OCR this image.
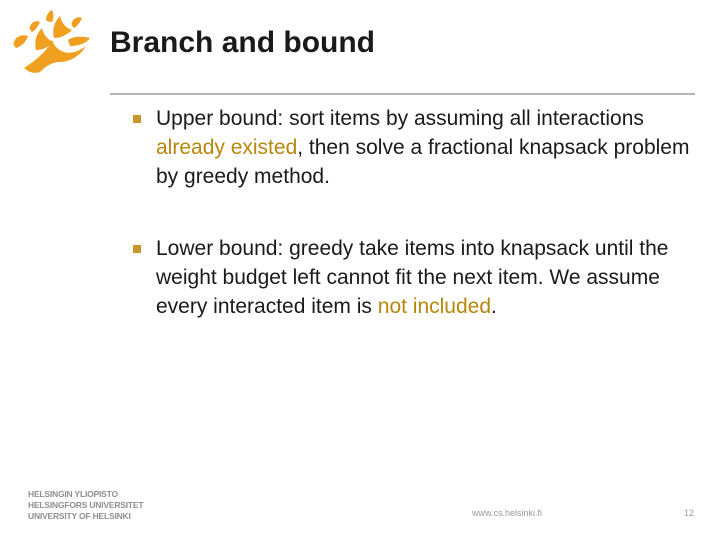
Branch and bound
Upper bound: sort items by assuming all interactions already existed, then solve a fractional knapsack problem by greedy method.
Lower bound: greedy take items into knapsack until the weight budget left cannot fit the next item. We assume every interacted item is not included.
HELSINGIN YLIOPISTO
HELSINGFORS UNIVERSITET
UNIVERSITY OF HELSINKI	www.cs.helsinki.fi	12
